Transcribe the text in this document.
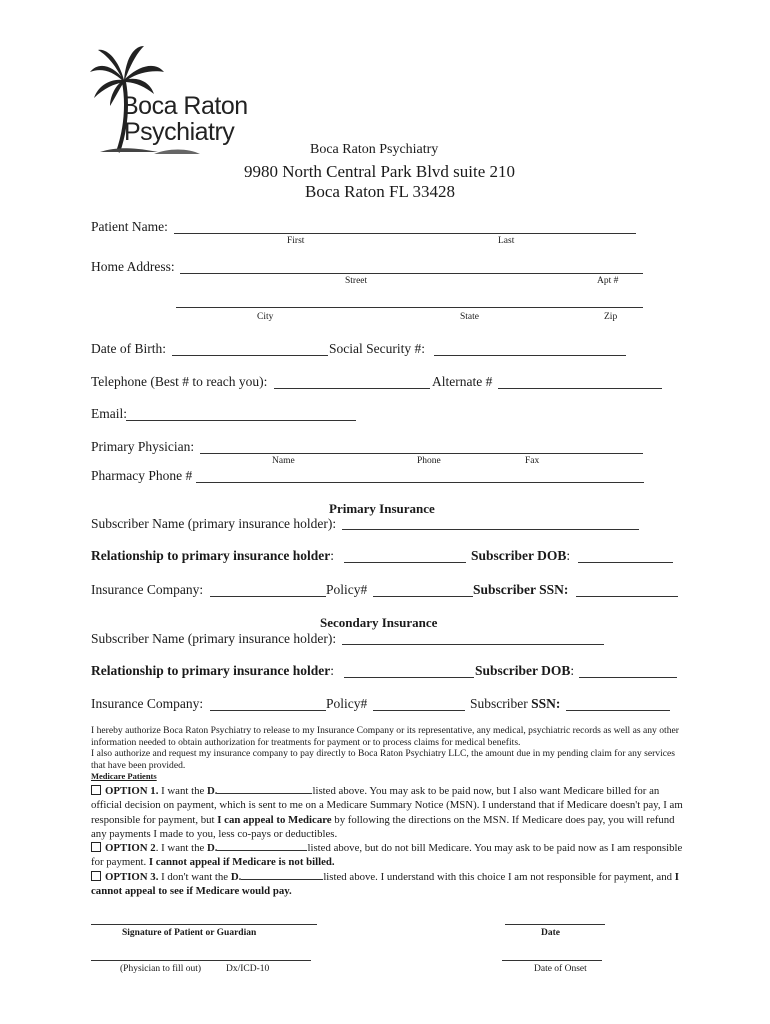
Boca Raton
Psychiatry
Boca Raton Psychiatry
9980 North Central Park Blvd suite 210
Boca Raton FL 33428
Patient Name:
First	Last
Home Address:
Street	Apt #
City	State	Zip
Date of Birth:	Social Security #:
Telephone (Best # to reach you):	Alternate #
Email:
Primary Physician:
Name	Phone	Fax
Pharmacy Phone #
Primary Insurance
Subscriber Name (primary insurance holder):
Relationship to primary insurance holder:	Subscriber DOB:
Insurance Company:	Policy#	Subscriber SSN:
Secondary Insurance
Subscriber Name (primary insurance holder):
Relationship to primary insurance holder:	Subscriber DOB:
Insurance Company:	Policy#	Subscriber SSN:
I hereby authorize Boca Raton Psychiatry to release to my Insurance Company or its representative, any medical, psychiatric records as well as any other information needed to obtain authorization for treatments for payment or to process claims for medical benefits.
I also authorize and request my insurance company to pay directly to Boca Raton Psychiatry LLC, the amount due in my pending claim for any services that have been provided.
Medicare Patients
OPTION 1. I want the D.	listed above. You may ask to be paid now, but I also want Medicare billed for an official decision on payment, which is sent to me on a Medicare Summary Notice (MSN). I understand that if Medicare doesn't pay, I am responsible for payment, but I can appeal to Medicare by following the directions on the MSN. If Medicare does pay, you will refund any payments I made to you, less co-pays or deductibles.
OPTION 2. I want the D.	listed above, but do not bill Medicare. You may ask to be paid now as I am responsible for payment. I cannot appeal if Medicare is not billed.
OPTION 3. I don't want the D.	listed above. I understand with this choice I am not responsible for payment, and I cannot appeal to see if Medicare would pay.
Signature of Patient or Guardian	Date
(Physician to fill out)	Dx/ICD-10	Date of Onset
